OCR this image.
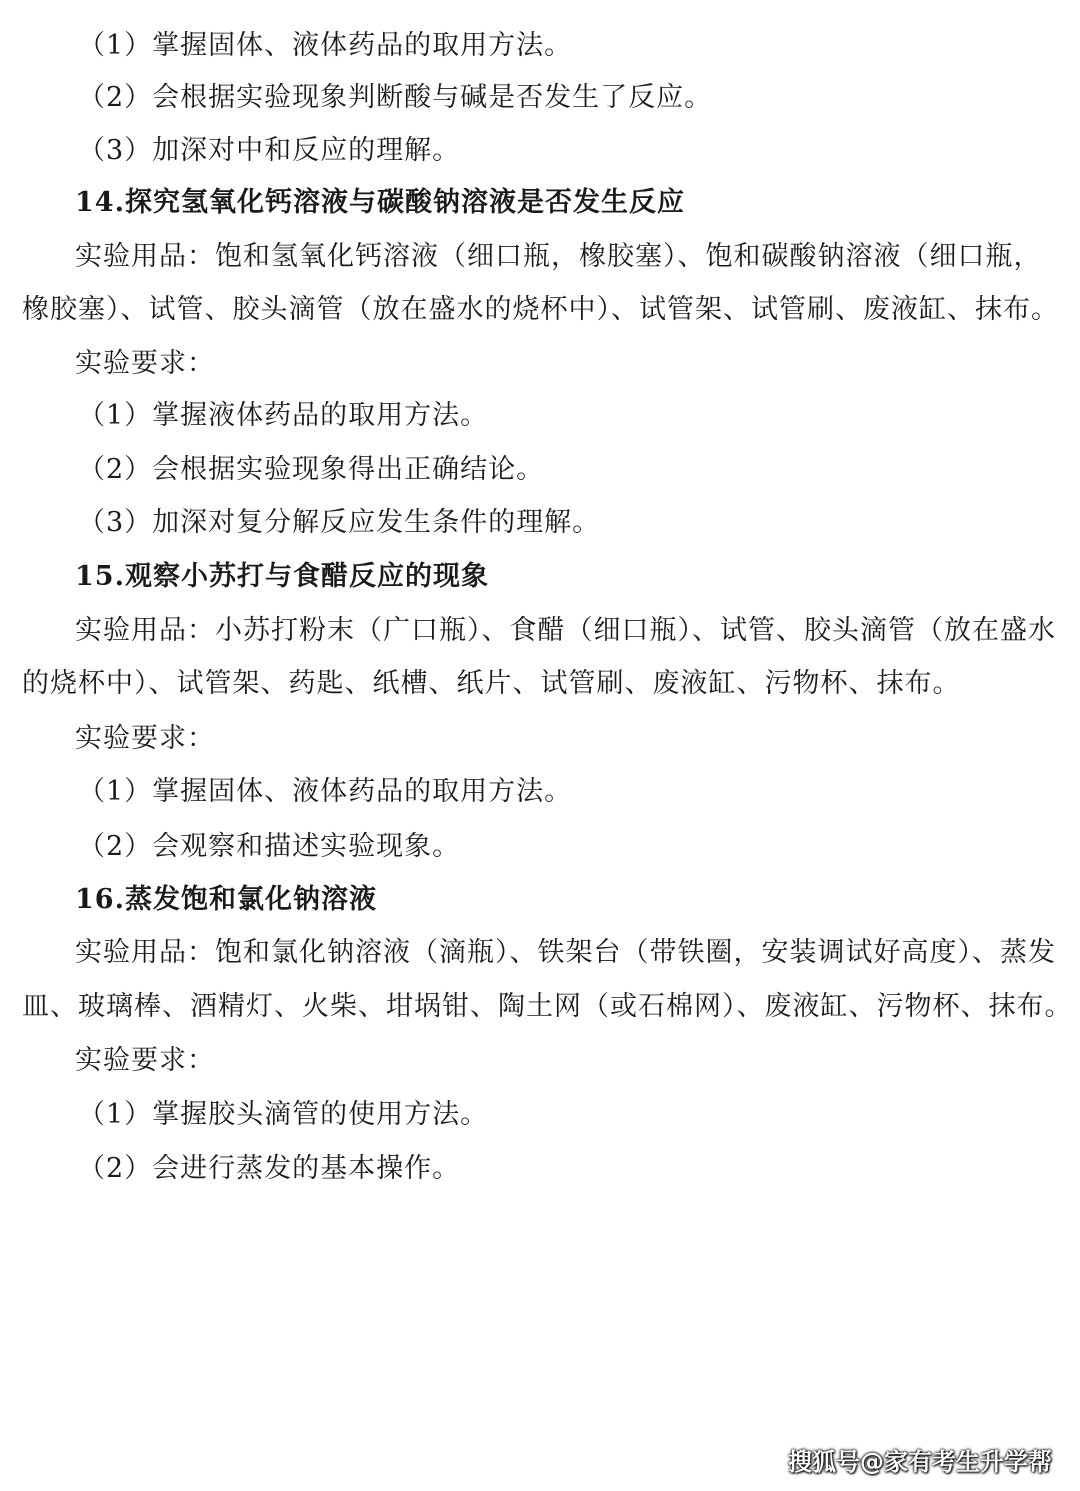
（1）掌握固体、液体药品的取用方法。
（2）会根据实验现象判断酸与碱是否发生了反应。
（3）加深对中和反应的理解。
14.探究氢氧化钙溶液与碳酸钠溶液是否发生反应
实验用品：饱和氢氧化钙溶液（细口瓶，橡胶塞）、饱和碳酸钠溶液（细口瓶，
橡胶塞）、试管、胶头滴管（放在盛水的烧杯中）、试管架、试管刷、废液缸、抹布。
实验要求：
（1）掌握液体药品的取用方法。
（2）会根据实验现象得出正确结论。
（3）加深对复分解反应发生条件的理解。
15.观察小苏打与食醋反应的现象
实验用品：小苏打粉末（广口瓶）、食醋（细口瓶）、试管、胶头滴管（放在盛水
的烧杯中）、试管架、药匙、纸槽、纸片、试管刷、废液缸、污物杯、抹布。
实验要求：
（1）掌握固体、液体药品的取用方法。
（2）会观察和描述实验现象。
16.蒸发饱和氯化钠溶液
实验用品：饱和氯化钠溶液（滴瓶）、铁架台（带铁圈，安装调试好高度）、蒸发
皿、玻璃棒、酒精灯、火柴、坩埚钳、陶土网（或石棉网）、废液缸、污物杯、抹布。
实验要求：
（1）掌握胶头滴管的使用方法。
（2）会进行蒸发的基本操作。
搜狐号@家有考生升学帮
